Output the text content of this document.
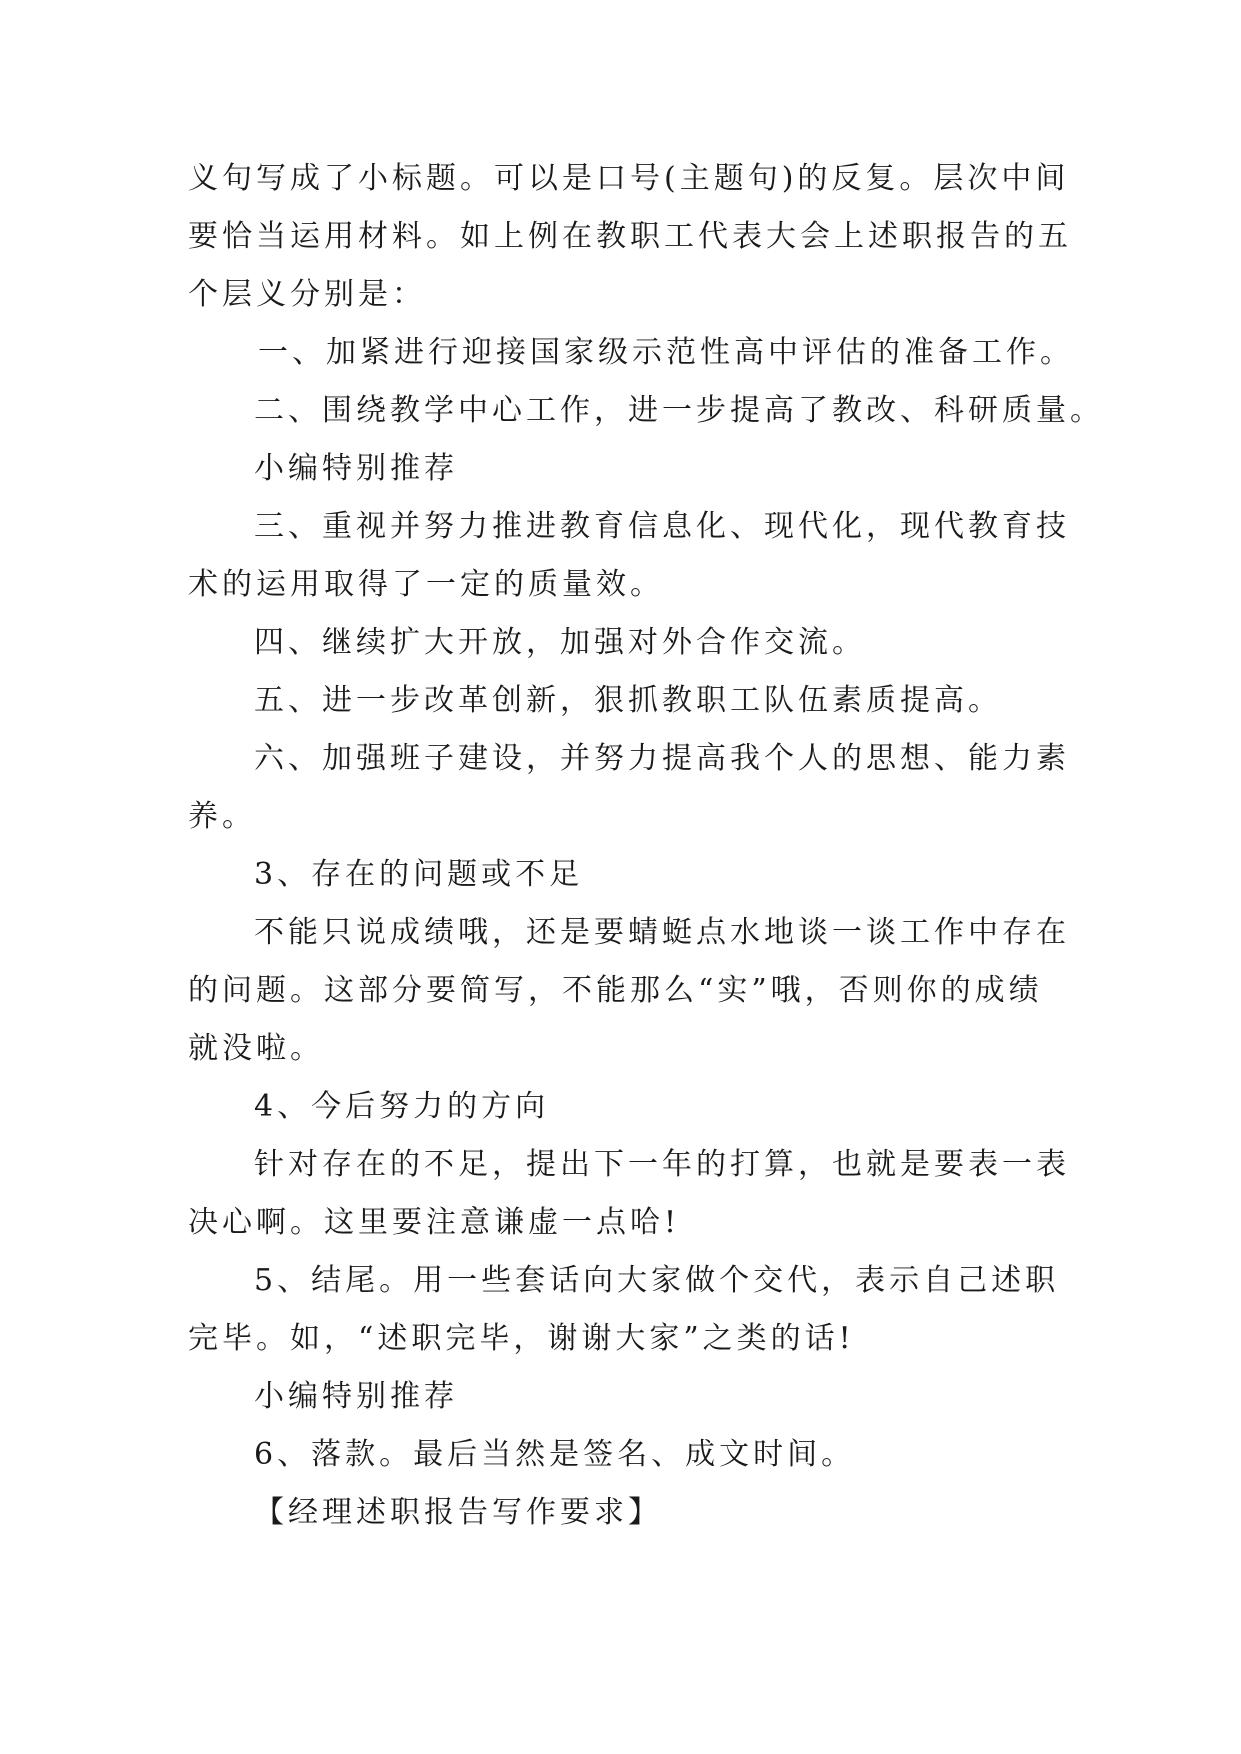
义句写成了小标题。可以是口号(主题句)的反复。层次中间
要恰当运用材料。如上例在教职工代表大会上述职报告的五
个层义分别是：
一、加紧进行迎接国家级示范性高中评估的准备工作。
二、围绕教学中心工作，进一步提高了教改、科研质量。
小编特别推荐
三、重视并努力推进教育信息化、现代化，现代教育技
术的运用取得了一定的质量效。
四、继续扩大开放，加强对外合作交流。
五、进一步改革创新，狠抓教职工队伍素质提高。
六、加强班子建设，并努力提高我个人的思想、能力素
养。
3、存在的问题或不足
不能只说成绩哦，还是要蜻蜓点水地谈一谈工作中存在
的问题。这部分要简写，不能那么“实”哦，否则你的成绩
就没啦。
4、今后努力的方向
针对存在的不足，提出下一年的打算，也就是要表一表
决心啊。这里要注意谦虚一点哈!
5、结尾。用一些套话向大家做个交代，表示自己述职
完毕。如，“述职完毕，谢谢大家”之类的话!
小编特别推荐
6、落款。最后当然是签名、成文时间。
【经理述职报告写作要求】
